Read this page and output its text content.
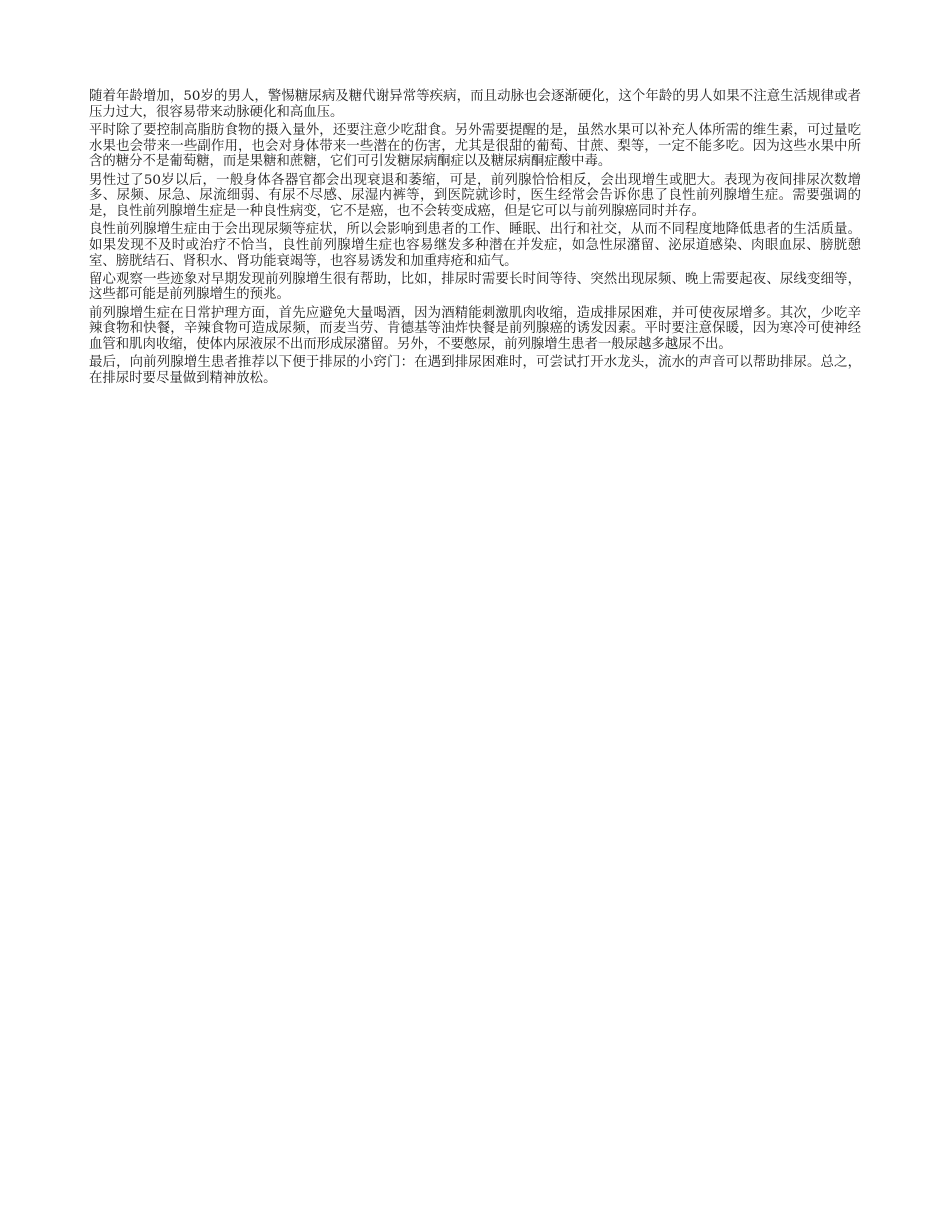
随着年龄增加，50岁的男人，警惕糖尿病及糖代谢异常等疾病，而且动脉也会逐渐硬化，这个年龄的男人如果不注意生活规律或者压力过大，很容易带来动脉硬化和高血压。

平时除了要控制高脂肪食物的摄入量外，还要注意少吃甜食。另外需要提醒的是，虽然水果可以补充人体所需的维生素，可过量吃水果也会带来一些副作用，也会对身体带来一些潜在的伤害，尤其是很甜的葡萄、甘蔗、梨等，一定不能多吃。因为这些水果中所含的糖分不是葡萄糖，而是果糖和蔗糖，它们可引发糖尿病酮症以及糖尿病酮症酸中毒。

男性过了50岁以后，一般身体各器官都会出现衰退和萎缩，可是，前列腺恰恰相反，会出现增生或肥大。表现为夜间排尿次数增多、尿频、尿急、尿流细弱、有尿不尽感、尿湿内裤等，到医院就诊时，医生经常会告诉你患了良性前列腺增生症。需要强调的是，良性前列腺增生症是一种良性病变，它不是癌，也不会转变成癌，但是它可以与前列腺癌同时并存。

良性前列腺增生症由于会出现尿频等症状，所以会影响到患者的工作、睡眠、出行和社交，从而不同程度地降低患者的生活质量。如果发现不及时或治疗不恰当，良性前列腺增生症也容易继发多种潜在并发症，如急性尿潴留、泌尿道感染、肉眼血尿、膀胱憩室、膀胱结石、肾积水、肾功能衰竭等，也容易诱发和加重痔疮和疝气。

留心观察一些迹象对早期发现前列腺增生很有帮助，比如，排尿时需要长时间等待、突然出现尿频、晚上需要起夜、尿线变细等，这些都可能是前列腺增生的预兆。

前列腺增生症在日常护理方面，首先应避免大量喝酒，因为酒精能刺激肌肉收缩，造成排尿困难，并可使夜尿增多。其次，少吃辛辣食物和快餐，辛辣食物可造成尿频，而麦当劳、肯德基等油炸快餐是前列腺癌的诱发因素。平时要注意保暖，因为寒冷可使神经血管和肌肉收缩，使体内尿液尿不出而形成尿潴留。另外，不要憋尿，前列腺增生患者一般尿越多越尿不出。

最后，向前列腺增生患者推荐以下便于排尿的小窍门：在遇到排尿困难时，可尝试打开水龙头，流水的声音可以帮助排尿。总之，在排尿时要尽量做到精神放松。
